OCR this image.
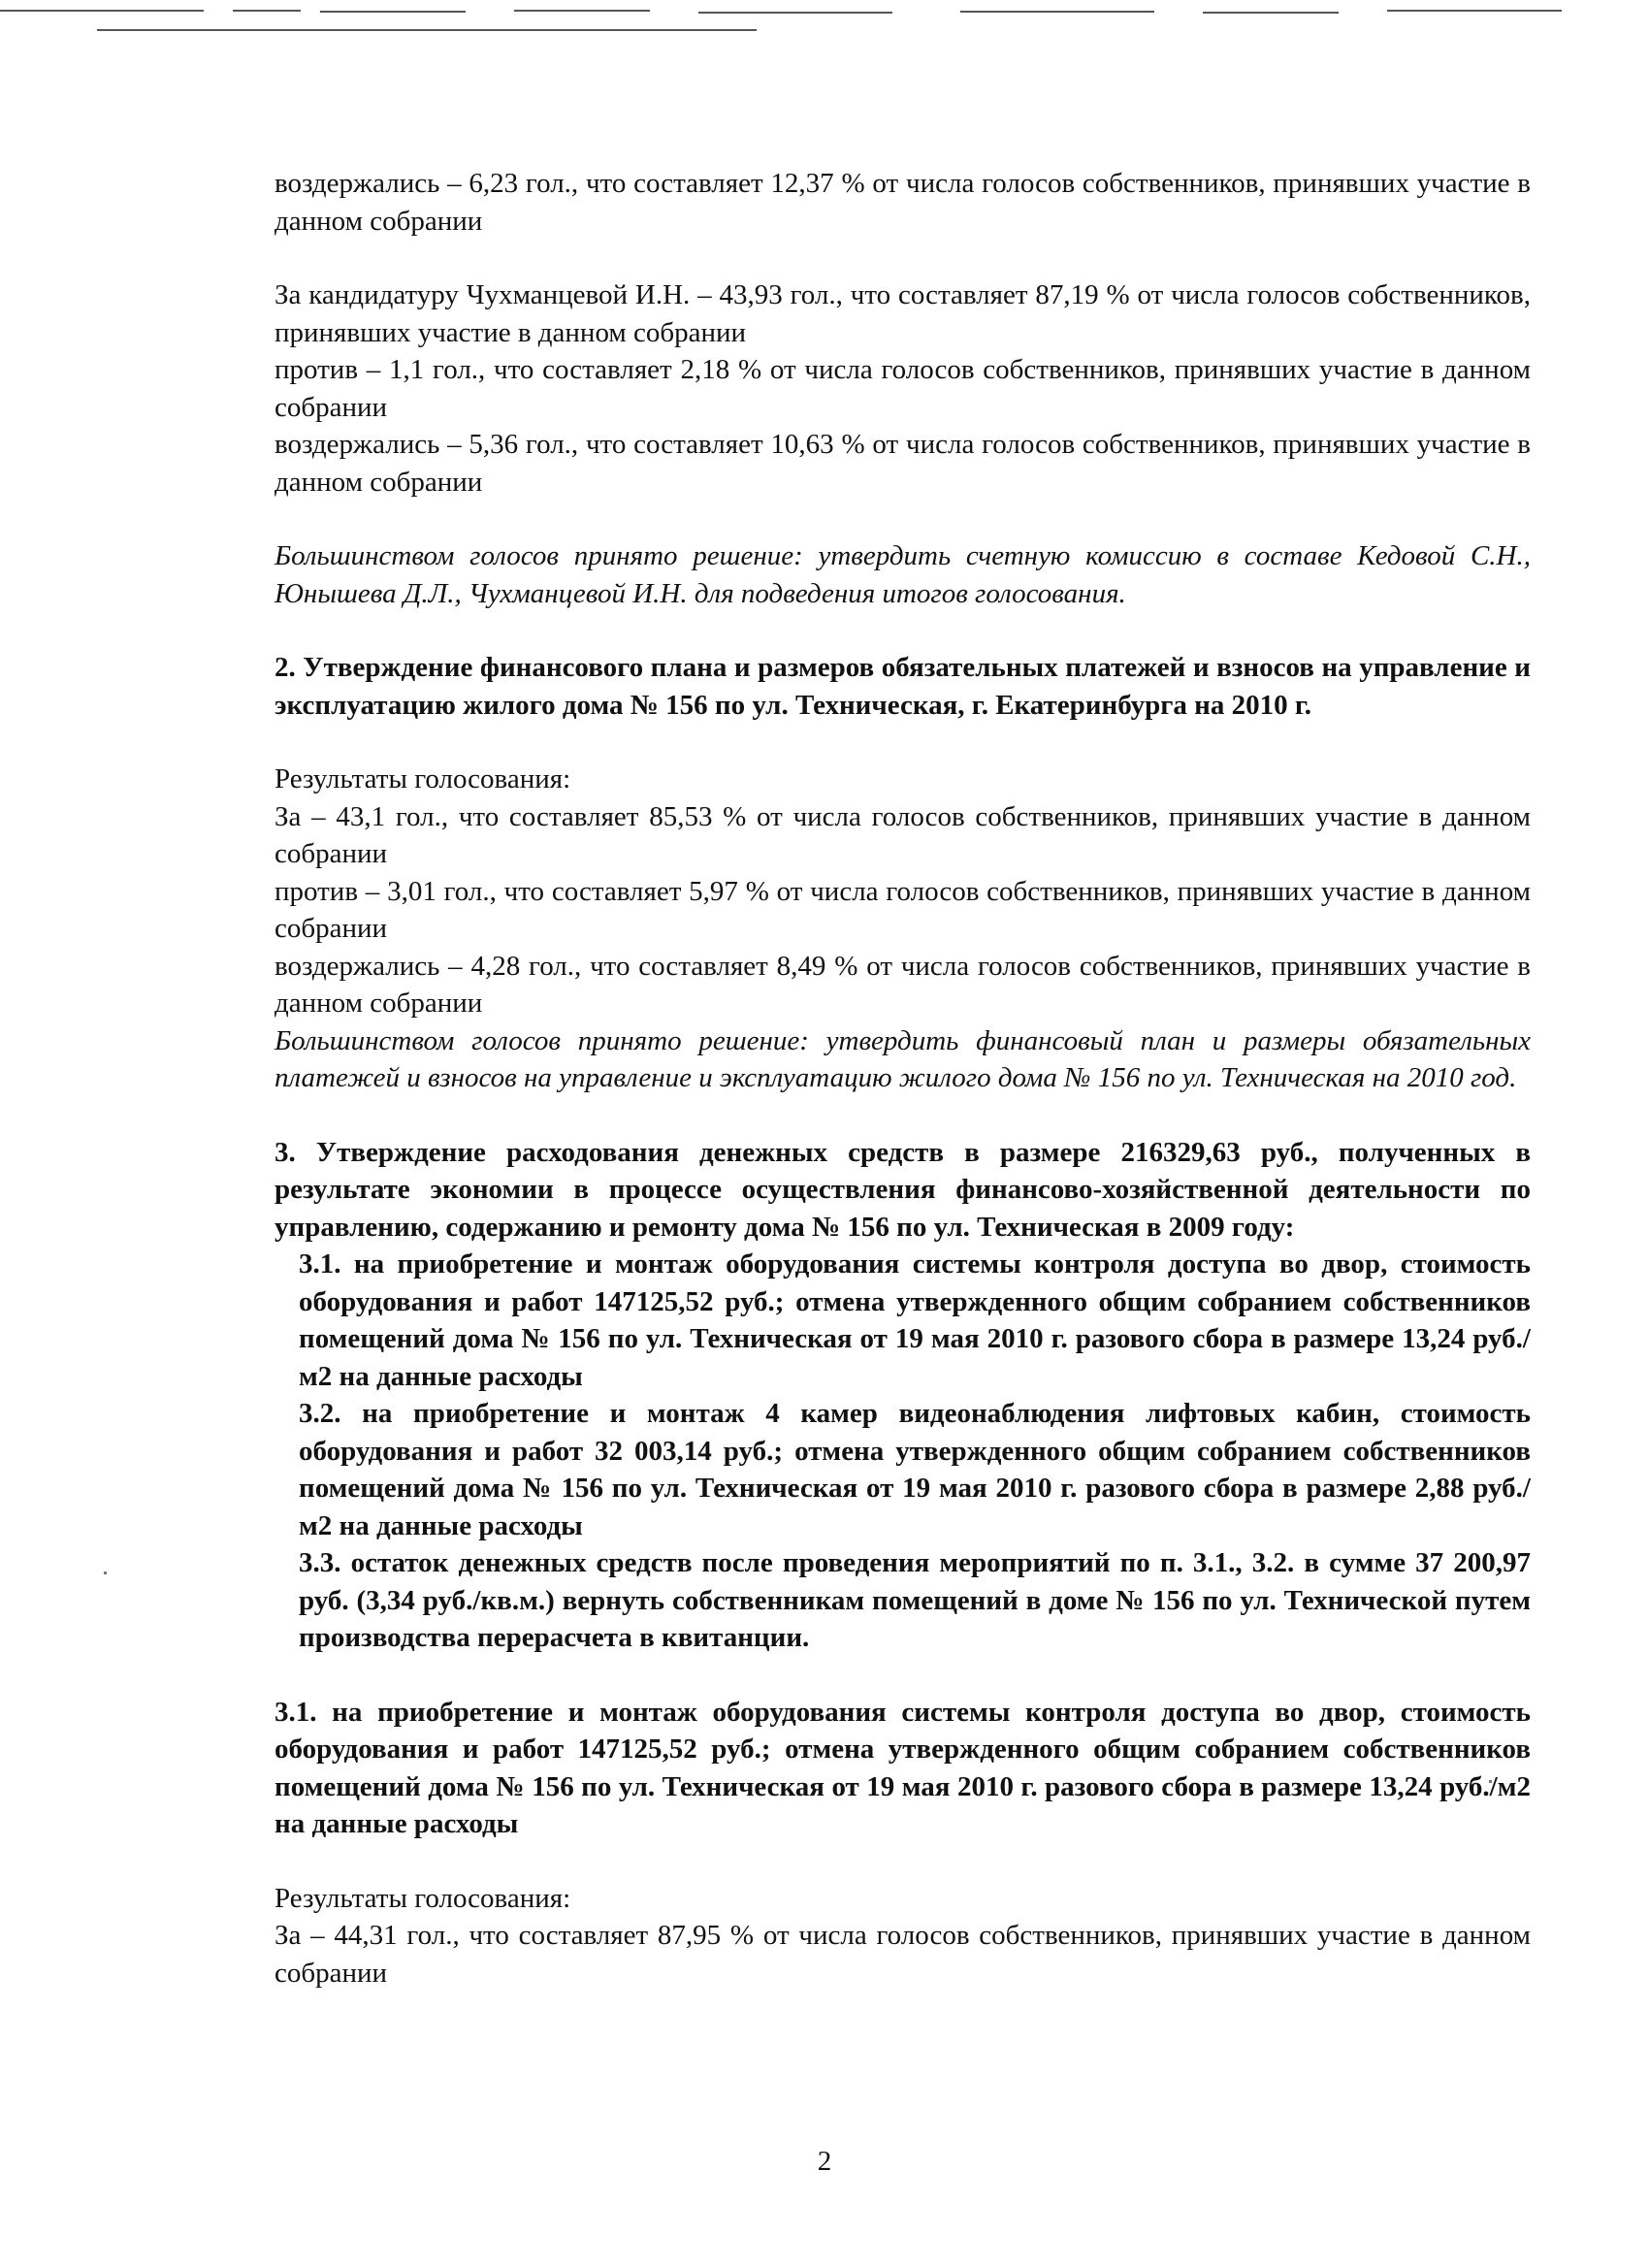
воздержались – 6,23 гол., что составляет 12,37 % от числа голосов собственников, принявших участие в данном собрании

За кандидатуру Чухманцевой И.Н. – 43,93 гол., что составляет 87,19 % от числа голосов собственников, принявших участие в данном собрании

против – 1,1 гол., что составляет 2,18 % от числа голосов собственников, принявших участие в данном собрании

воздержались – 5,36 гол., что составляет 10,63 % от числа голосов собственников, принявших участие в данном собрании

Большинством голосов принято решение: утвердить счетную комиссию в составе Кедовой С.Н., Юнышева Д.Л., Чухманцевой И.Н. для подведения итогов голосования.

2. Утверждение финансового плана и размеров обязательных платежей и взносов на управление и эксплуатацию жилого дома № 156 по ул. Техническая, г. Екатеринбурга на 2010 г.

Результаты голосования:

За – 43,1 гол., что составляет 85,53 % от числа голосов собственников, принявших участие в данном собрании

против – 3,01 гол., что составляет 5,97 % от числа голосов собственников, принявших участие в данном собрании

воздержались – 4,28 гол., что составляет 8,49 % от числа голосов собственников, принявших участие в данном собрании

Большинством голосов принято решение: утвердить финансовый план и размеры обязательных платежей и взносов на управление и эксплуатацию жилого дома № 156 по ул. Техническая на 2010 год.

3. Утверждение расходования денежных средств в размере 216329,63 руб., полученных в результате экономии в процессе осуществления финансово-хозяйственной деятельности по управлению, содержанию и ремонту дома № 156 по ул. Техническая в 2009 году:

3.1. на приобретение и монтаж оборудования системы контроля доступа во двор, стоимость оборудования и работ 147125,52 руб.; отмена утвержденного общим собранием собственников помещений дома № 156 по ул. Техническая от 19 мая 2010 г. разового сбора в размере 13,24 руб./м2 на данные расходы

3.2. на приобретение и монтаж 4 камер видеонаблюдения лифтовых кабин, стоимость оборудования и работ 32 003,14 руб.; отмена утвержденного общим собранием собственников помещений дома № 156 по ул. Техническая от 19 мая 2010 г. разового сбора в размере 2,88 руб./м2 на данные расходы

3.3. остаток денежных средств после проведения мероприятий по п. 3.1., 3.2. в сумме 37 200,97 руб. (3,34 руб./кв.м.) вернуть собственникам помещений в доме № 156 по ул. Технической путем производства перерасчета в квитанции.

3.1. на приобретение и монтаж оборудования системы контроля доступа во двор, стоимость оборудования и работ 147125,52 руб.; отмена утвержденного общим собранием собственников помещений дома № 156 по ул. Техническая от 19 мая 2010 г. разового сбора в размере 13,24 руб./м2 на данные расходы

Результаты голосования:

За – 44,31 гол., что составляет 87,95 % от числа голосов собственников, принявших участие в данном собрании

2
